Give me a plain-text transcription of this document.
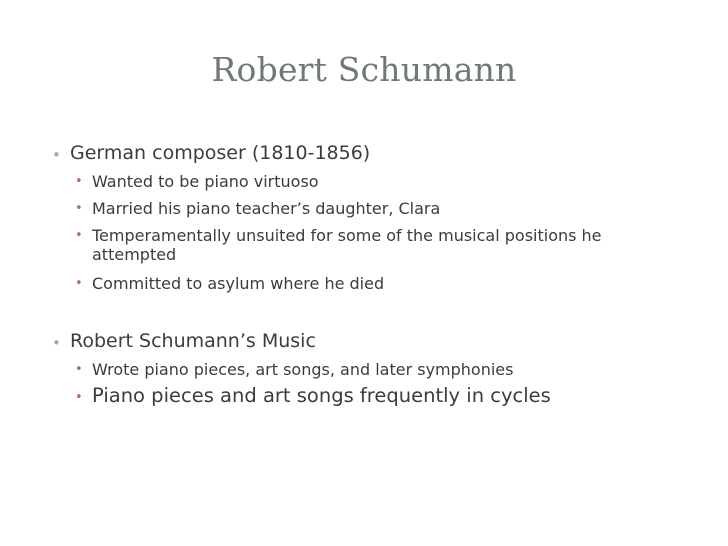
Robert Schumann
• German composer (1810-1856)
• Wanted to be piano virtuoso
• Married his piano teacher’s daughter, Clara
• Temperamentally unsuited for some of the musical positions he
attempted
• Committed to asylum where he died
• Robert Schumann’s Music
• Wrote piano pieces, art songs, and later symphonies
• Piano pieces and art songs frequently in cycles
